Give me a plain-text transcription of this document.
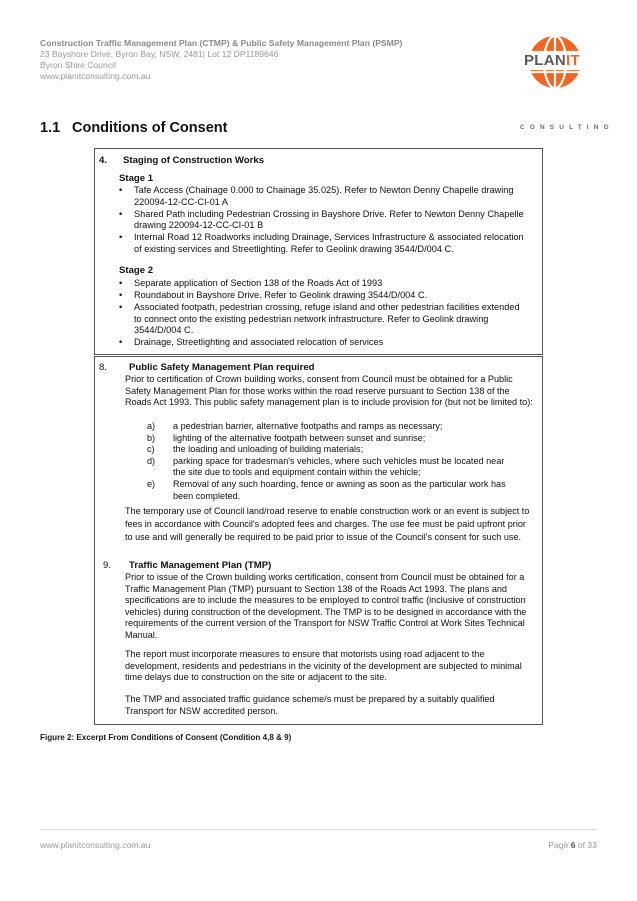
Construction Traffic Management Plan (CTMP) & Public Safety Management Plan (PSMP)
23 Bayshore Drive, Byron Bay, NSW, 2481| Lot 12 DP1189646
Byron Shire Council
www.planitconsulting.com.au
PLANIT
CONSULTING
1.1 Conditions of Consent
4. Staging of Construction Works
Stage 1
• Tafe Access (Chainage 0.000 to Chainage 35.025). Refer to Newton Denny Chapelle drawing 220094-12-CC-CI-01 A
• Shared Path including Pedestrian Crossing in Bayshore Drive. Refer to Newton Denny Chapelle drawing 220094-12-CC-CI-01 B
• Internal Road 12 Roadworks including Drainage, Services Infrastructure & associated relocation of existing services and Streetlighting. Refer to Geolink drawing 3544/D/004 C.
Stage 2
• Separate application of Section 138 of the Roads Act of 1993
• Roundabout in Bayshore Drive. Refer to Geolink drawing 3544/D/004 C.
• Associated footpath, pedestrian crossing, refuge island and other pedestrian facilities extended to connect onto the existing pedestrian network infrastructure. Refer to Geolink drawing 3544/D/004 C.
• Drainage, Streetlighting and associated relocation of services
8. Public Safety Management Plan required
Prior to certification of Crown building works, consent from Council must be obtained for a Public Safety Management Plan for those works within the road reserve pursuant to Section 138 of the Roads Act 1993. This public safety management plan is to include provision for (but not be limited to):
a) a pedestrian barrier, alternative footpaths and ramps as necessary;
b) lighting of the alternative footpath between sunset and sunrise;
c) the loading and unloading of building materials;
d) parking space for tradesman's vehicles, where such vehicles must be located near the site due to tools and equipment contain within the vehicle;
e) Removal of any such hoarding, fence or awning as soon as the particular work has been completed.
The temporary use of Council land/road reserve to enable construction work or an event is subject to fees in accordance with Council's adopted fees and charges. The use fee must be paid upfront prior to use and will generally be required to be paid prior to issue of the Council's consent for such use.
9. Traffic Management Plan (TMP)
Prior to issue of the Crown building works certification, consent from Council must be obtained for a Traffic Management Plan (TMP) pursuant to Section 138 of the Roads Act 1993. The plans and specifications are to include the measures to be employed to control traffic (inclusive of construction vehicles) during construction of the development. The TMP is to be designed in accordance with the requirements of the current version of the Transport for NSW Traffic Control at Work Sites Technical Manual.
The report must incorporate measures to ensure that motorists using road adjacent to the development, residents and pedestrians in the vicinity of the development are subjected to minimal time delays due to construction on the site or adjacent to the site.
The TMP and associated traffic guidance scheme/s must be prepared by a suitably qualified Transport for NSW accredited person.
Figure 2: Excerpt From Conditions of Consent (Condition 4,8 & 9)
www.planitconsulting.com.au	Page 6 of 33
